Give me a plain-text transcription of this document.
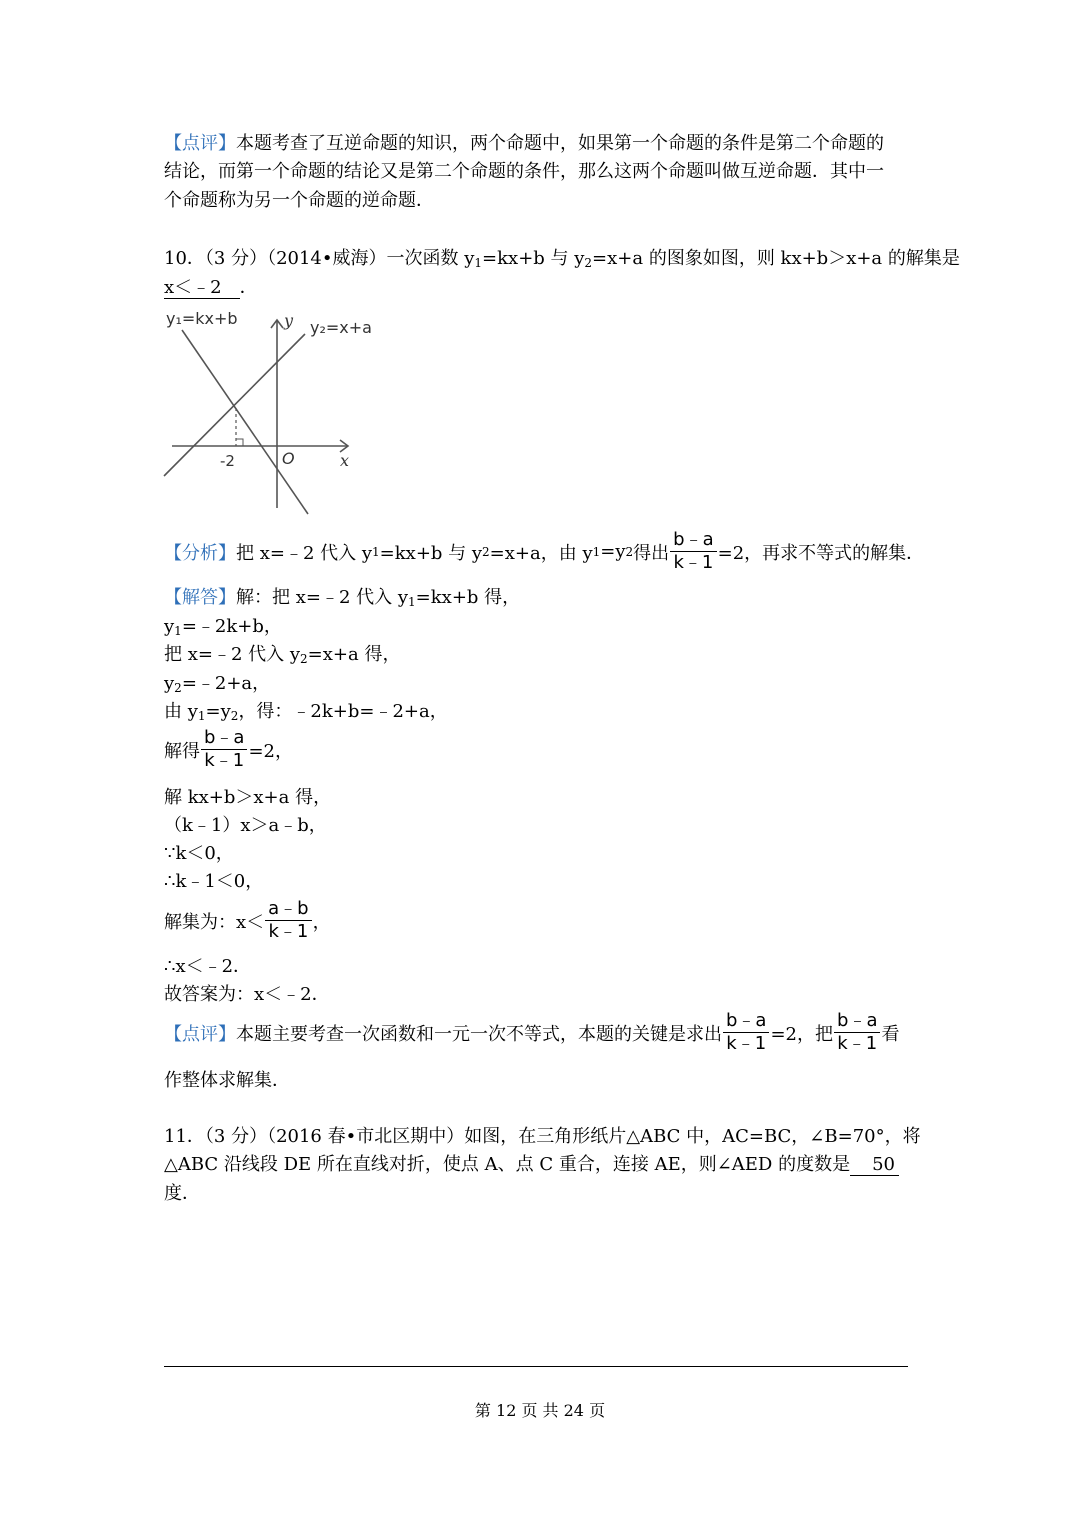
【点评】本题考查了互逆命题的知识，两个命题中，如果第一个命题的条件是第二个命题的
结论，而第一个命题的结论又是第二个命题的条件，那么这两个命题叫做互逆命题．其中一
个命题称为另一个命题的逆命题．
10．（3 分）（2014•威海）一次函数 $y_1=kx+b$ 与 $y_2=x+a$ 的图象如图，则 kx+b＞x+a 的解集是
x＜﹣2 ．
y₁=kx+b	y₂=x+a
y
x
O
-2
【分析】 把 x=﹣2 代入 y 1 =kx+b 与 y 2 =x+a，由 y 1 =y 2 得出 $\frac{b﹣a}{k﹣1} =2$，再求不等式的解集．
【解答】解：把 x=﹣2 代入 $y_1=kx+b$ 得，
$y_1=﹣2k+b$，
把 x=﹣2 代入 $y_2=x+a$ 得，
$y_2=﹣2+a$，
由 $y_1=y_2$，得：﹣2k+b=﹣2+a，
解得 $\frac{b﹣a}{k﹣1} =2$，
解 kx+b＞x+a 得，
（k﹣1）x＞a﹣b，
∵k＜0，
∴k﹣1＜0，
解集为：$x< \frac{a﹣b}{k﹣1}$ ，
∴x＜﹣2．
故答案为：x＜﹣2．
【点评】 本题主要考查一次函数和一元一次不等式，本题的关键是求出 $\frac{b﹣a}{k﹣1} =2$，把 $\frac{b﹣a}{k﹣1}$ 看
作整体求解集．
11．（3 分）（2016 春•市北区期中）如图，在三角形纸片△ABC 中，AC=BC，∠B=70°，将
△ABC 沿线段 DE 所在直线对折，使点 A、点 C 重合，连接 AE，则∠AED 的度数是 50
度．
第 12 页 共 24 页
